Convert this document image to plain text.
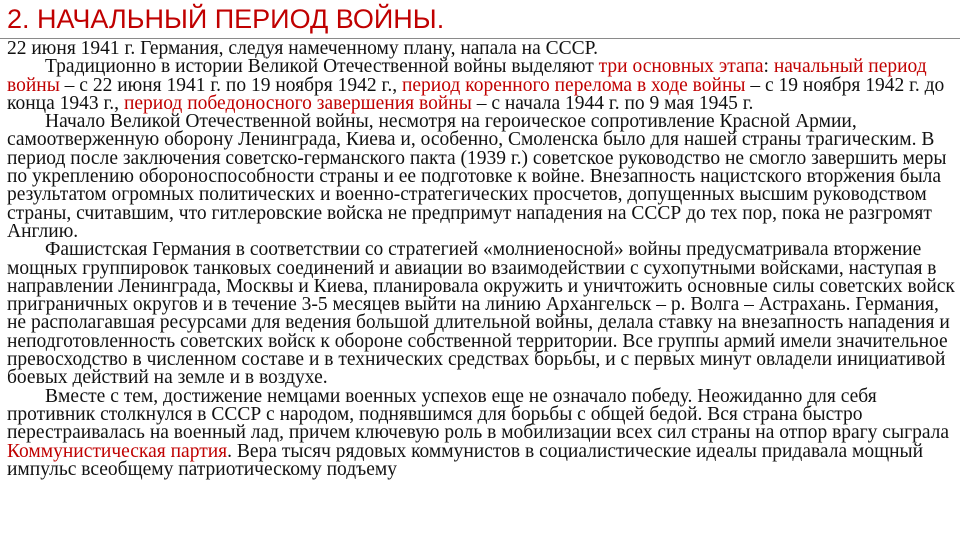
2. НАЧАЛЬНЫЙ ПЕРИОД ВОЙНЫ.

22 июня 1941 г. Германия, следуя намеченному плану, напала на СССР.

Традиционно в истории Великой Отечественной войны выделяют три основных этапа: начальный период войны – с 22 июня 1941 г. по 19 ноября 1942 г., период коренного перелома в ходе войны – с 19 ноября 1942 г. до конца 1943 г., период победоносного завершения войны – с начала 1944 г. по 9 мая 1945 г.

Начало Великой Отечественной войны, несмотря на героическое сопротивление Красной Армии, самоотверженную оборону Ленинграда, Киева и, особенно, Смоленска было для нашей страны трагическим. В период после заключения советско-германского пакта (1939 г.) советское руководство не смогло завершить меры по укреплению обороноспособности страны и ее подготовке к войне. Внезапность нацистского вторжения была результатом огромных политических и военно-стратегических просчетов, допущенных высшим руководством страны, считавшим, что гитлеровские войска не предпримут нападения на СССР до тех пор, пока не разгромят Англию.

Фашистская Германия в соответствии со стратегией «молниеносной» войны предусматривала вторжение мощных группировок танковых соединений и авиации во взаимодействии с сухопутными войсками, наступая в направлении Ленинграда, Москвы и Киева, планировала окружить и уничтожить основные силы советских войск приграничных округов и в течение 3-5 месяцев выйти на линию Архангельск – р. Волга – Астрахань. Германия, не располагавшая ресурсами для ведения большой длительной войны, делала ставку на внезапность нападения и неподготовленность советских войск к обороне собственной территории. Все группы армий имели значительное превосходство в численном составе и в технических средствах борьбы, и с первых минут овладели инициативой боевых действий на земле и в воздухе.

Вместе с тем, достижение немцами военных успехов еще не означало победу. Неожиданно для себя противник столкнулся в СССР с народом, поднявшимся для борьбы с общей бедой. Вся страна быстро перестраивалась на военный лад, причем ключевую роль в мобилизации всех сил страны на отпор врагу сыграла Коммунистическая партия. Вера тысяч рядовых коммунистов в социалистические идеалы придавала мощный импульс всеобщему патриотическому подъему
